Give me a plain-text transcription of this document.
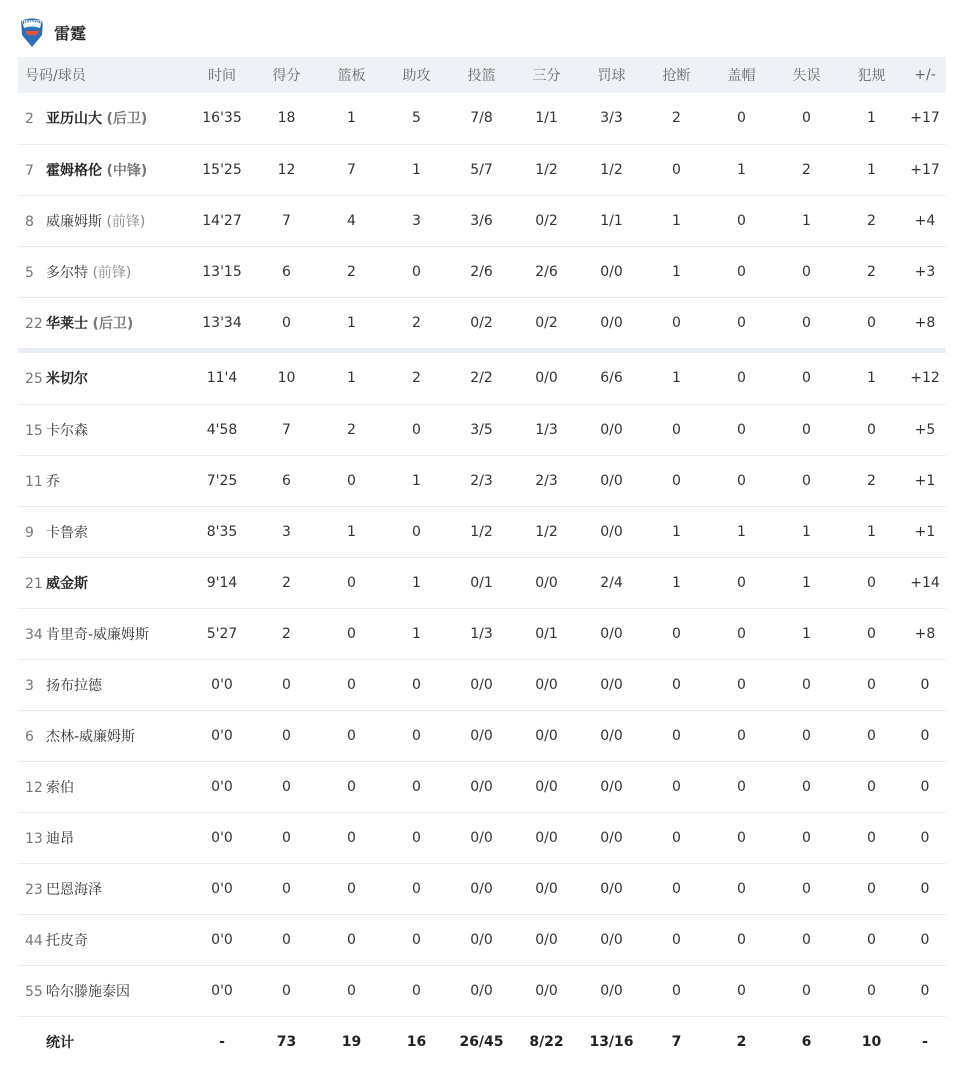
THUNDER
雷霆
号码/球员	时间	得分	篮板	助攻	投篮	三分	罚球	抢断	盖帽	失误	犯规	+/-
2 亚历山大 (后卫)	16'35	18	1	5	7/8	1/1	3/3	2	0	0	1	+17
7 霍姆格伦 (中锋)	15'25	12	7	1	5/7	1/2	1/2	0	1	2	1	+17
8 威廉姆斯 (前锋)	14'27	7	4	3	3/6	0/2	1/1	1	0	1	2	+4
5 多尔特 (前锋)	13'15	6	2	0	2/6	2/6	0/0	1	0	0	2	+3
22 华莱士 (后卫)	13'34	0	1	2	0/2	0/2	0/0	0	0	0	0	+8

25 米切尔	11'4	10	1	2	2/2	0/0	6/6	1	0	0	1	+12
15 卡尔森	4'58	7	2	0	3/5	1/3	0/0	0	0	0	0	+5
11 乔	7'25	6	0	1	2/3	2/3	0/0	0	0	0	2	+1
9 卡鲁索	8'35	3	1	0	1/2	1/2	0/0	1	1	1	1	+1
21 威金斯	9'14	2	0	1	0/1	0/0	2/4	1	0	1	0	+14
34 肯里奇-威廉姆斯	5'27	2	0	1	1/3	0/1	0/0	0	0	1	0	+8
3 扬布拉德	0'0	0	0	0	0/0	0/0	0/0	0	0	0	0	0
6 杰林-威廉姆斯	0'0	0	0	0	0/0	0/0	0/0	0	0	0	0	0
12 索伯	0'0	0	0	0	0/0	0/0	0/0	0	0	0	0	0
13 迪昂	0'0	0	0	0	0/0	0/0	0/0	0	0	0	0	0
23 巴恩海泽	0'0	0	0	0	0/0	0/0	0/0	0	0	0	0	0
44 托皮奇	0'0	0	0	0	0/0	0/0	0/0	0	0	0	0	0
55 哈尔滕施泰因	0'0	0	0	0	0/0	0/0	0/0	0	0	0	0	0
统计	-	73	19	16	26/45	8/22	13/16	7	2	6	10	-
